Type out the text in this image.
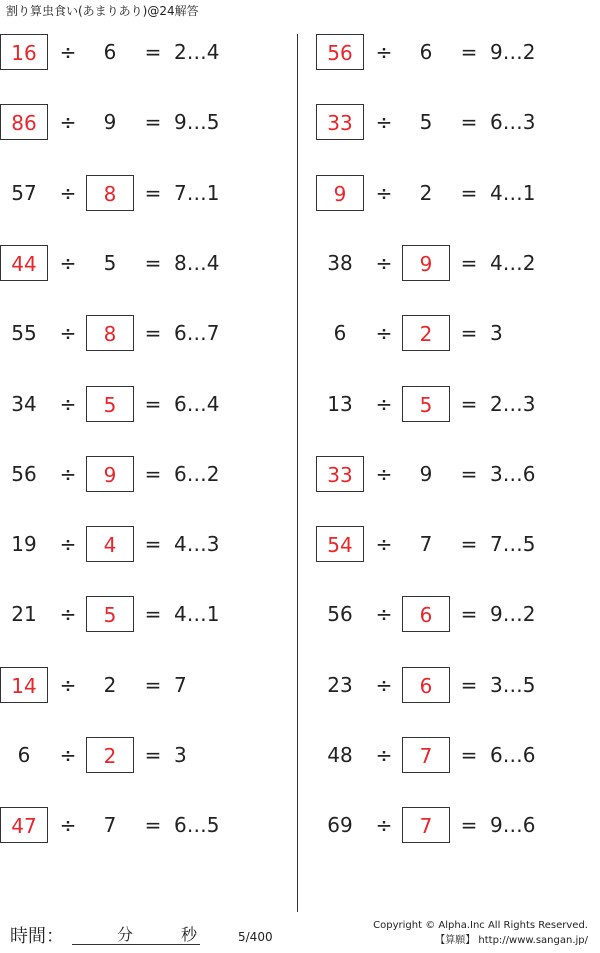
割り算虫食い(あまりあり)@24解答
16	÷	6	= 2…4
86	÷	9	= 9…5
57	÷	8	= 7…1
44	÷	5	= 8…4
55	÷	8	= 6…7
34	÷	5	= 6…4
56	÷	9	= 6…2
19	÷	4	= 4…3
21	÷	5	= 4…1
14	÷	2	= 7
6	÷	2	= 3
47	÷	7	= 6…5
56	÷	6	= 9…2
33	÷	5	= 6…3
9	÷	2	= 4…1
38	÷	9	= 4…2
6	÷	2	= 3
13	÷	5	= 2…3
33	÷	9	= 3…6
54	÷	7	= 7…5
56	÷	6	= 9…2
23	÷	6	= 3…5
48	÷	7	= 6…6
69	÷	7	= 9…6
時間：	分	秒	5/400
Copyright © Alpha.Inc All Rights Reserved.
【算願】 http://www.sangan.jp/
